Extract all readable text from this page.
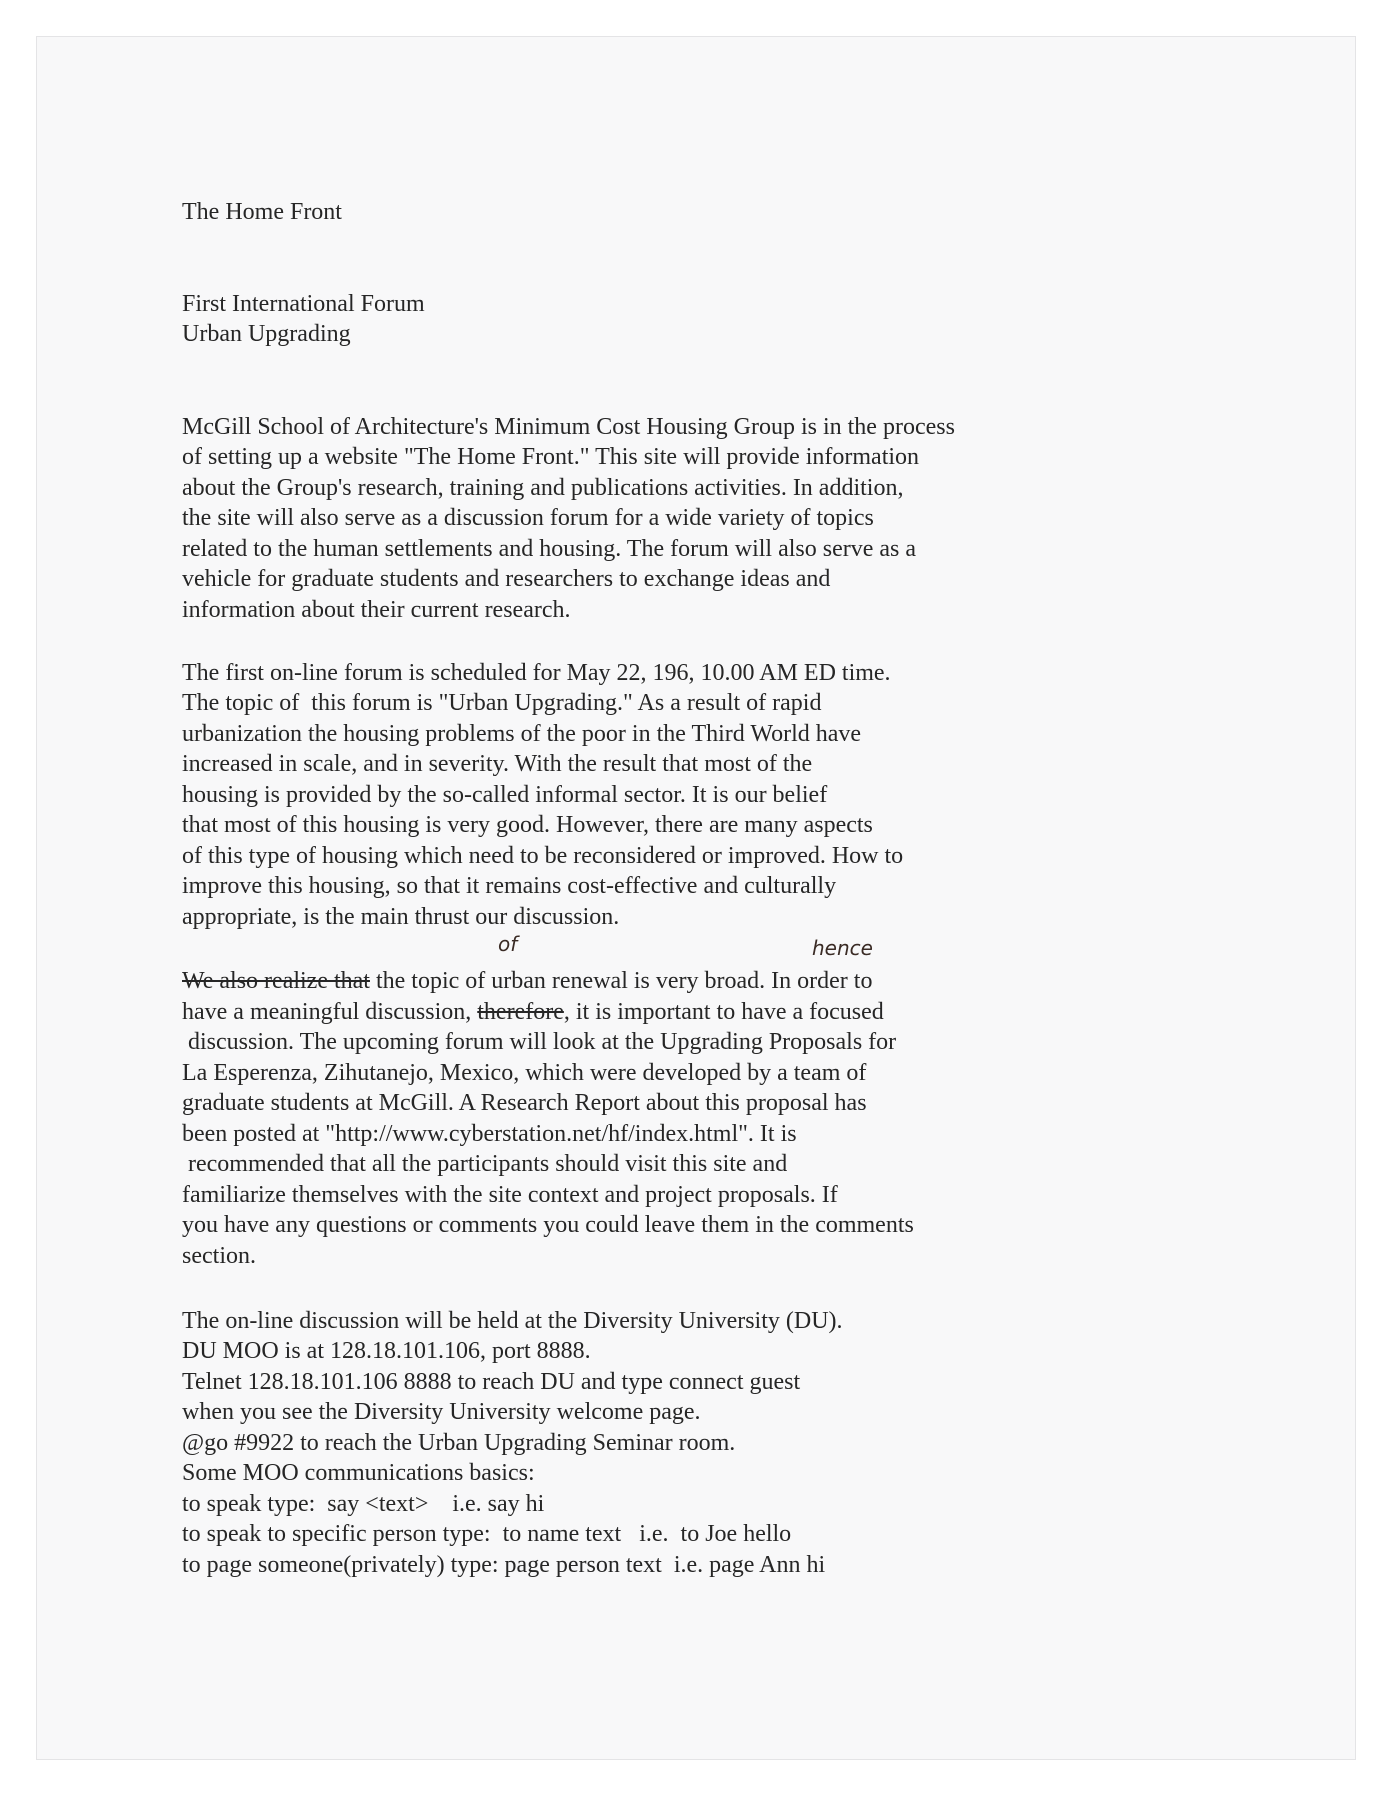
The Home Front

First International Forum

Urban Upgrading

McGill School of Architecture's Minimum Cost Housing Group is in the process

of setting up a website "The Home Front." This site will provide information

about the Group's research, training and publications activities. In addition,

the site will also serve as a discussion forum for a wide variety of topics

related to the human settlements and housing. The forum will also serve as a

vehicle for graduate students and researchers to exchange ideas and

information about their current research.

The first on-line forum is scheduled for May 22, 196, 10.00 AM ED time.

The topic of  this forum is "Urban Upgrading." As a result of rapid

urbanization the housing problems of the poor in the Third World have

increased in scale, and in severity. With the result that most of the

housing is provided by the so-called informal sector. It is our belief

that most of this housing is very good. However, there are many aspects

of this type of housing which need to be reconsidered or improved. How to

improve this housing, so that it remains cost-effective and culturally

appropriate, is the main thrust our discussion.

of	hence

We also realize that the topic of urban renewal is very broad. In order to

have a meaningful discussion, therefore, it is important to have a focused

discussion. The upcoming forum will look at the Upgrading Proposals for

La Esperenza, Zihutanejo, Mexico, which were developed by a team of

graduate students at McGill. A Research Report about this proposal has

been posted at "http://www.cyberstation.net/hf/index.html". It is

recommended that all the participants should visit this site and

familiarize themselves with the site context and project proposals. If

you have any questions or comments you could leave them in the comments

section.

The on-line discussion will be held at the Diversity University (DU).

DU MOO is at 128.18.101.106, port 8888.

Telnet 128.18.101.106 8888 to reach DU and type connect guest

when you see the Diversity University welcome page.

@go #9922 to reach the Urban Upgrading Seminar room.

Some MOO communications basics:

to speak type:  say <text>    i.e. say hi

to speak to specific person type:  to name text   i.e.  to Joe hello

to page someone(privately) type: page person text  i.e. page Ann hi
